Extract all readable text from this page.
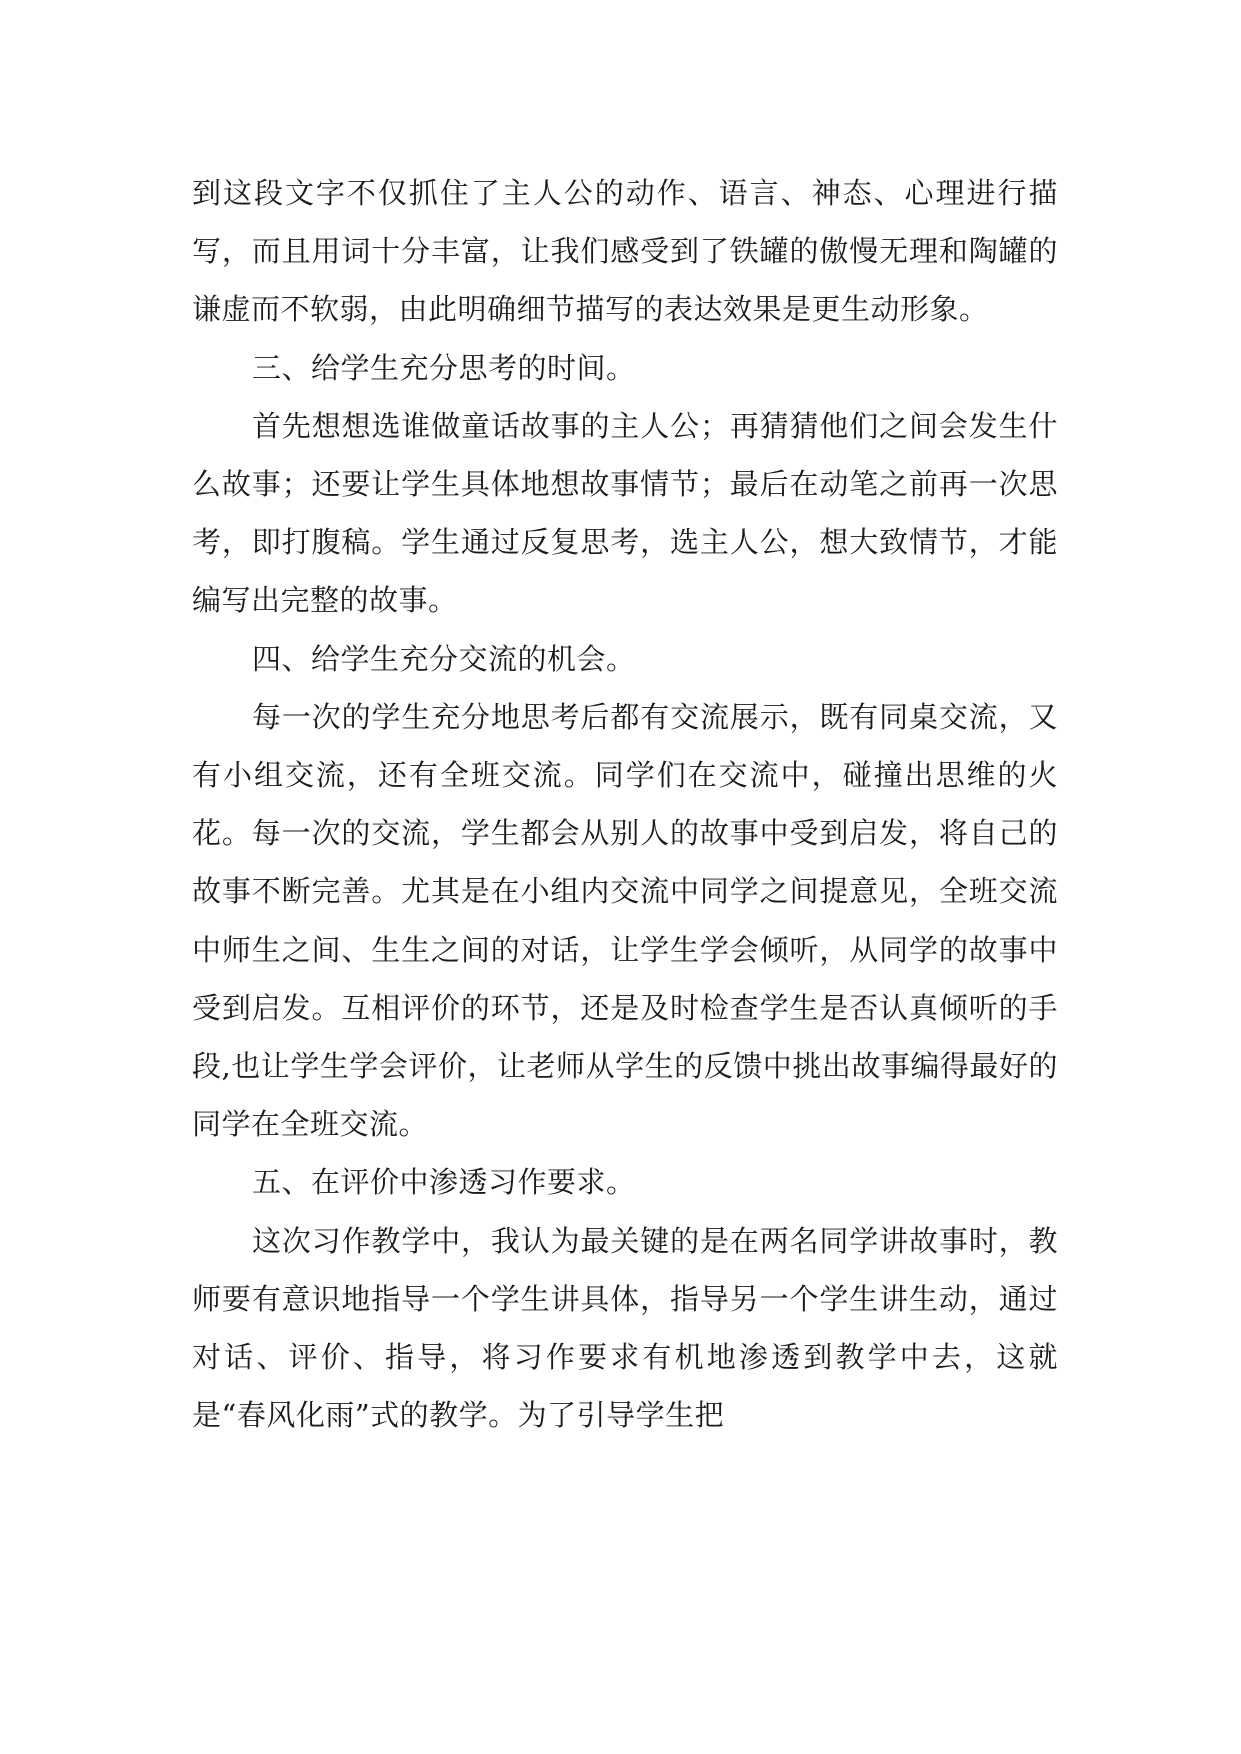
到这段文字不仅抓住了主人公的动作、语言、神态、心理进行描写，而且用词十分丰富，让我们感受到了铁罐的傲慢无理和陶罐的谦虚而不软弱，由此明确细节描写的表达效果是更生动形象。

三、给学生充分思考的时间。

首先想想选谁做童话故事的主人公；再猜猜他们之间会发生什么故事；还要让学生具体地想故事情节；最后在动笔之前再一次思考，即打腹稿。学生通过反复思考，选主人公，想大致情节，才能编写出完整的故事。

四、给学生充分交流的机会。

每一次的学生充分地思考后都有交流展示，既有同桌交流，又有小组交流，还有全班交流。同学们在交流中，碰撞出思维的火花。每一次的交流，学生都会从别人的故事中受到启发，将自己的故事不断完善。尤其是在小组内交流中同学之间提意见，全班交流中师生之间、生生之间的对话，让学生学会倾听，从同学的故事中受到启发。互相评价的环节，还是及时检查学生是否认真倾听的手段,也让学生学会评价，让老师从学生的反馈中挑出故事编得最好的同学在全班交流。

五、在评价中渗透习作要求。

这次习作教学中，我认为最关键的是在两名同学讲故事时，教师要有意识地指导一个学生讲具体，指导另一个学生讲生动，通过对话、评价、指导，将习作要求有机地渗透到教学中去，这就是“春风化雨”式的教学。为了引导学生把
